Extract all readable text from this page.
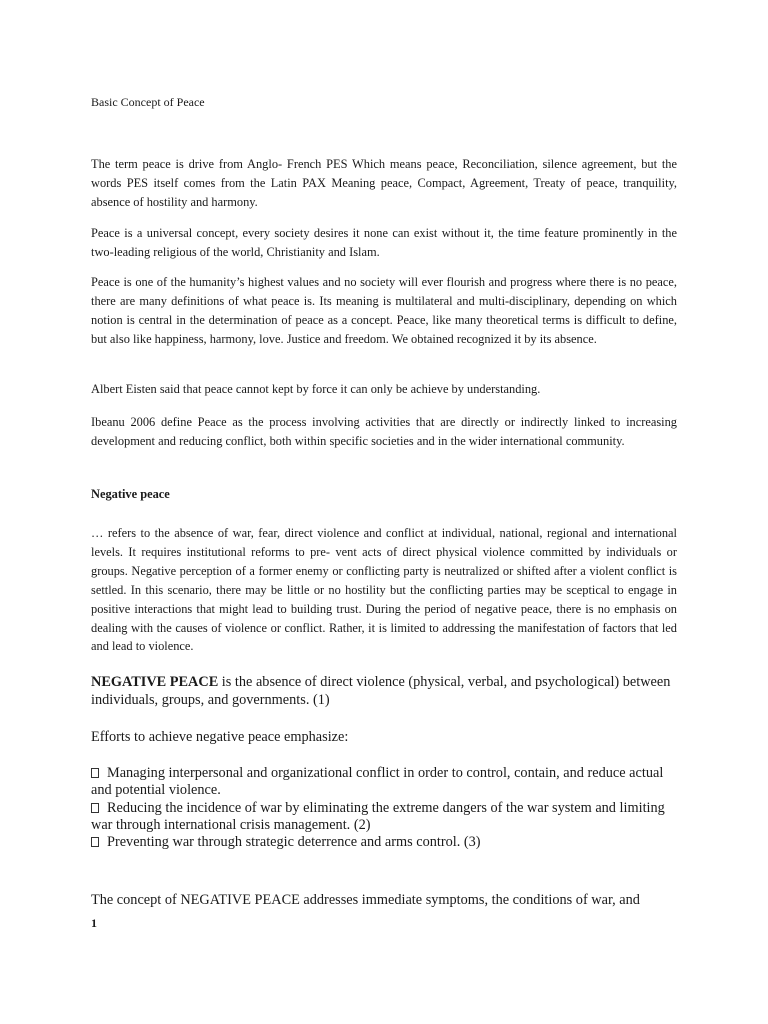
Basic Concept of Peace

The term peace is drive from Anglo- French PES Which means peace, Reconciliation, silence agreement, but the words PES itself comes from the Latin PAX Meaning peace, Compact, Agreement, Treaty of peace, tranquility, absence of hostility and harmony.

Peace is a universal concept, every society desires it none can exist without it, the time feature prominently in the two-leading religious of the world, Christianity and Islam.

Peace is one of the humanity’s highest values and no society will ever flourish and progress where there is no peace, there are many definitions of what peace is. Its meaning is multilateral and multi-disciplinary, depending on which notion is central in the determination of peace as a concept. Peace, like many theoretical terms is difficult to define, but also like happiness, harmony, love. Justice and freedom. We obtained recognized it by its absence.

Albert Eisten said that peace cannot kept by force it can only be achieve by understanding.

Ibeanu 2006 define Peace as the process involving activities that are directly or indirectly linked to increasing development and reducing conflict, both within specific societies and in the wider international community.

Negative peace

… refers to the absence of war, fear, direct violence and conflict at individual, national, regional and international levels. It requires institutional reforms to pre- vent acts of direct physical violence committed by individuals or groups. Negative perception of a former enemy or conflicting party is neutralized or shifted after a violent conflict is settled. In this scenario, there may be little or no hostility but the conflicting parties may be sceptical to engage in positive interactions that might lead to building trust. During the period of negative peace, there is no emphasis on dealing with the causes of violence or conflict. Rather, it is limited to addressing the manifestation of factors that led and lead to violence.

NEGATIVE PEACE is the absence of direct violence (physical, verbal, and psychological) between individuals, groups, and governments. (1)

Efforts to achieve negative peace emphasize:

Managing interpersonal and organizational conflict in order to control, contain, and reduce actual and potential violence.
Reducing the incidence of war by eliminating the extreme dangers of the war system and limiting war through international crisis management. (2)
Preventing war through strategic deterrence and arms control. (3)

The concept of NEGATIVE PEACE addresses immediate symptoms, the conditions of war, and

1
